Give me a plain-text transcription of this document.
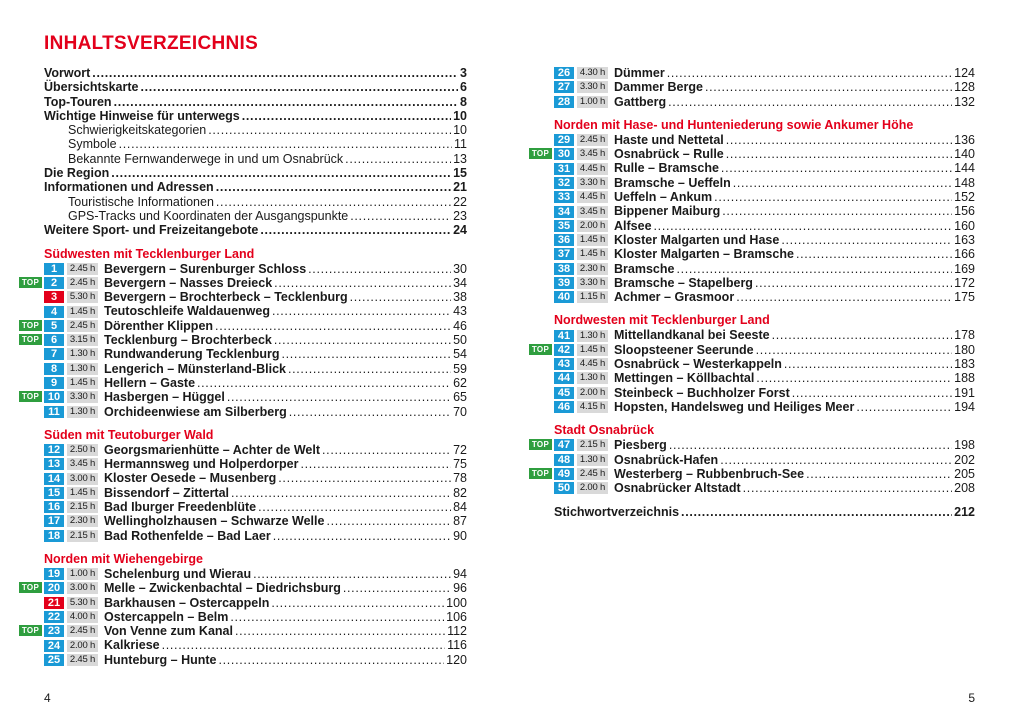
INHALTSVERZEICHNIS
Vorwort . . .	3
Übersichtskarte . . .	6
Top-Touren . . .	8
Wichtige Hinweise für unterwegs . . .	10
Schwierigkeitskategorien . . .	10
Symbole . . .	11
Bekannte Fernwanderwege in und um Osnabrück . . .	13
Die Region . . .	15
Informationen und Adressen . . .	21
Touristische Informationen . . .	22
GPS-Tracks und Koordinaten der Ausgangspunkte . . .	23
Weitere Sport- und Freizeitangebote . . .	24
Südwesten mit Tecklenburger Land
1	2.45 h Bevergern – Surenburger Schloss . . .	30
TOP	2	2.45 h Bevergern – Nasses Dreieck . . .	34
3	5.30 h Bevergern – Brochterbeck – Tecklenburg . . .	38
4	1.45 h Teutoschleife Waldauenweg . . .	43
TOP	5	2.45 h Dörenther Klippen . . .	46
TOP	6	3.15 h Tecklenburg – Brochterbeck . . .	50
7	1.30 h Rundwanderung Tecklenburg . . .	54
8	1.30 h Lengerich – Münsterland-Blick . . .	59
9	1.45 h Hellern – Gaste . . .	62
TOP 10	3.30 h Hasbergen – Hüggel . . .	65
11	1.30 h Orchideenwiese am Silberberg . . .	70
Süden mit Teutoburger Wald
12	2.50 h Georgsmarienhütte – Achter de Welt . . .	72
13	3.45 h Hermannsweg und Holperdorper . . .	75
14	3.00 h Kloster Oesede – Musenberg . . .	78
15	1.45 h Bissendorf – Zittertal . . .	82
16	2.15 h Bad Iburger Freedenblüte . . .	84
17	2.30 h Wellingholzhausen – Schwarze Welle . . .	87
18	2.15 h Bad Rothenfelde – Bad Laer . . .	90
Norden mit Wiehengebirge
19	1.00 h Schelenburg und Wierau . . .	94
TOP 20	3.00 h Melle – Zwickenbachtal – Diedrichsburg . . .	96
21	5.30 h Barkhausen – Ostercappeln . . .	100
22	4.00 h Ostercappeln – Belm . . .	106
TOP 23	2.45 h Von Venne zum Kanal . . .	112
24	2.00 h Kalkriese . . .	116
25	2.45 h Hunteburg – Hunte . . .	120
4
26	4.30 h Dümmer . . .	124
27	3.30 h Dammer Berge . . .	128
28	1.00 h Gattberg . . .	132
Norden mit Hase- und Hunteniederung sowie Ankumer Höhe
29	2.45 h Haste und Nettetal . . .	136
TOP 30	3.45 h Osnabrück – Rulle . . .	140
31	4.45 h Rulle – Bramsche . . .	144
32	3.30 h Bramsche – Ueffeln . . .	148
33	4.45 h Ueffeln – Ankum . . .	152
34	3.45 h Bippener Maiburg . . .	156
35	2.00 h Alfsee . . .	160
36	1.45 h Kloster Malgarten und Hase . . .	163
37	1.45 h Kloster Malgarten – Bramsche . . .	166
38	2.30 h Bramsche . . .	169
39	3.30 h Bramsche – Stapelberg . . .	172
40	1.15 h Achmer – Grasmoor . . .	175
Nordwesten mit Tecklenburger Land
41	1.30 h Mittellandkanal bei Seeste . . .	178
TOP 42	1.45 h Sloopsteener Seerunde . . .	180
43	4.45 h Osnabrück – Westerkappeln . . .	183
44	1.30 h Mettingen – Köllbachtal . . .	188
45	2.00 h Steinbeck – Buchholzer Forst . . .	191
46	4.15 h Hopsten, Handelsweg und Heiliges Meer . . .	194
Stadt Osnabrück
TOP 47	2.15 h Piesberg . . .	198
48	1.30 h Osnabrück-Hafen . . .	202
TOP 49	2.45 h Westerberg – Rubbenbruch-See . . .	205
50	2.00 h Osnabrücker Altstadt . . .	208
Stichwortverzeichnis . . .	212
5
